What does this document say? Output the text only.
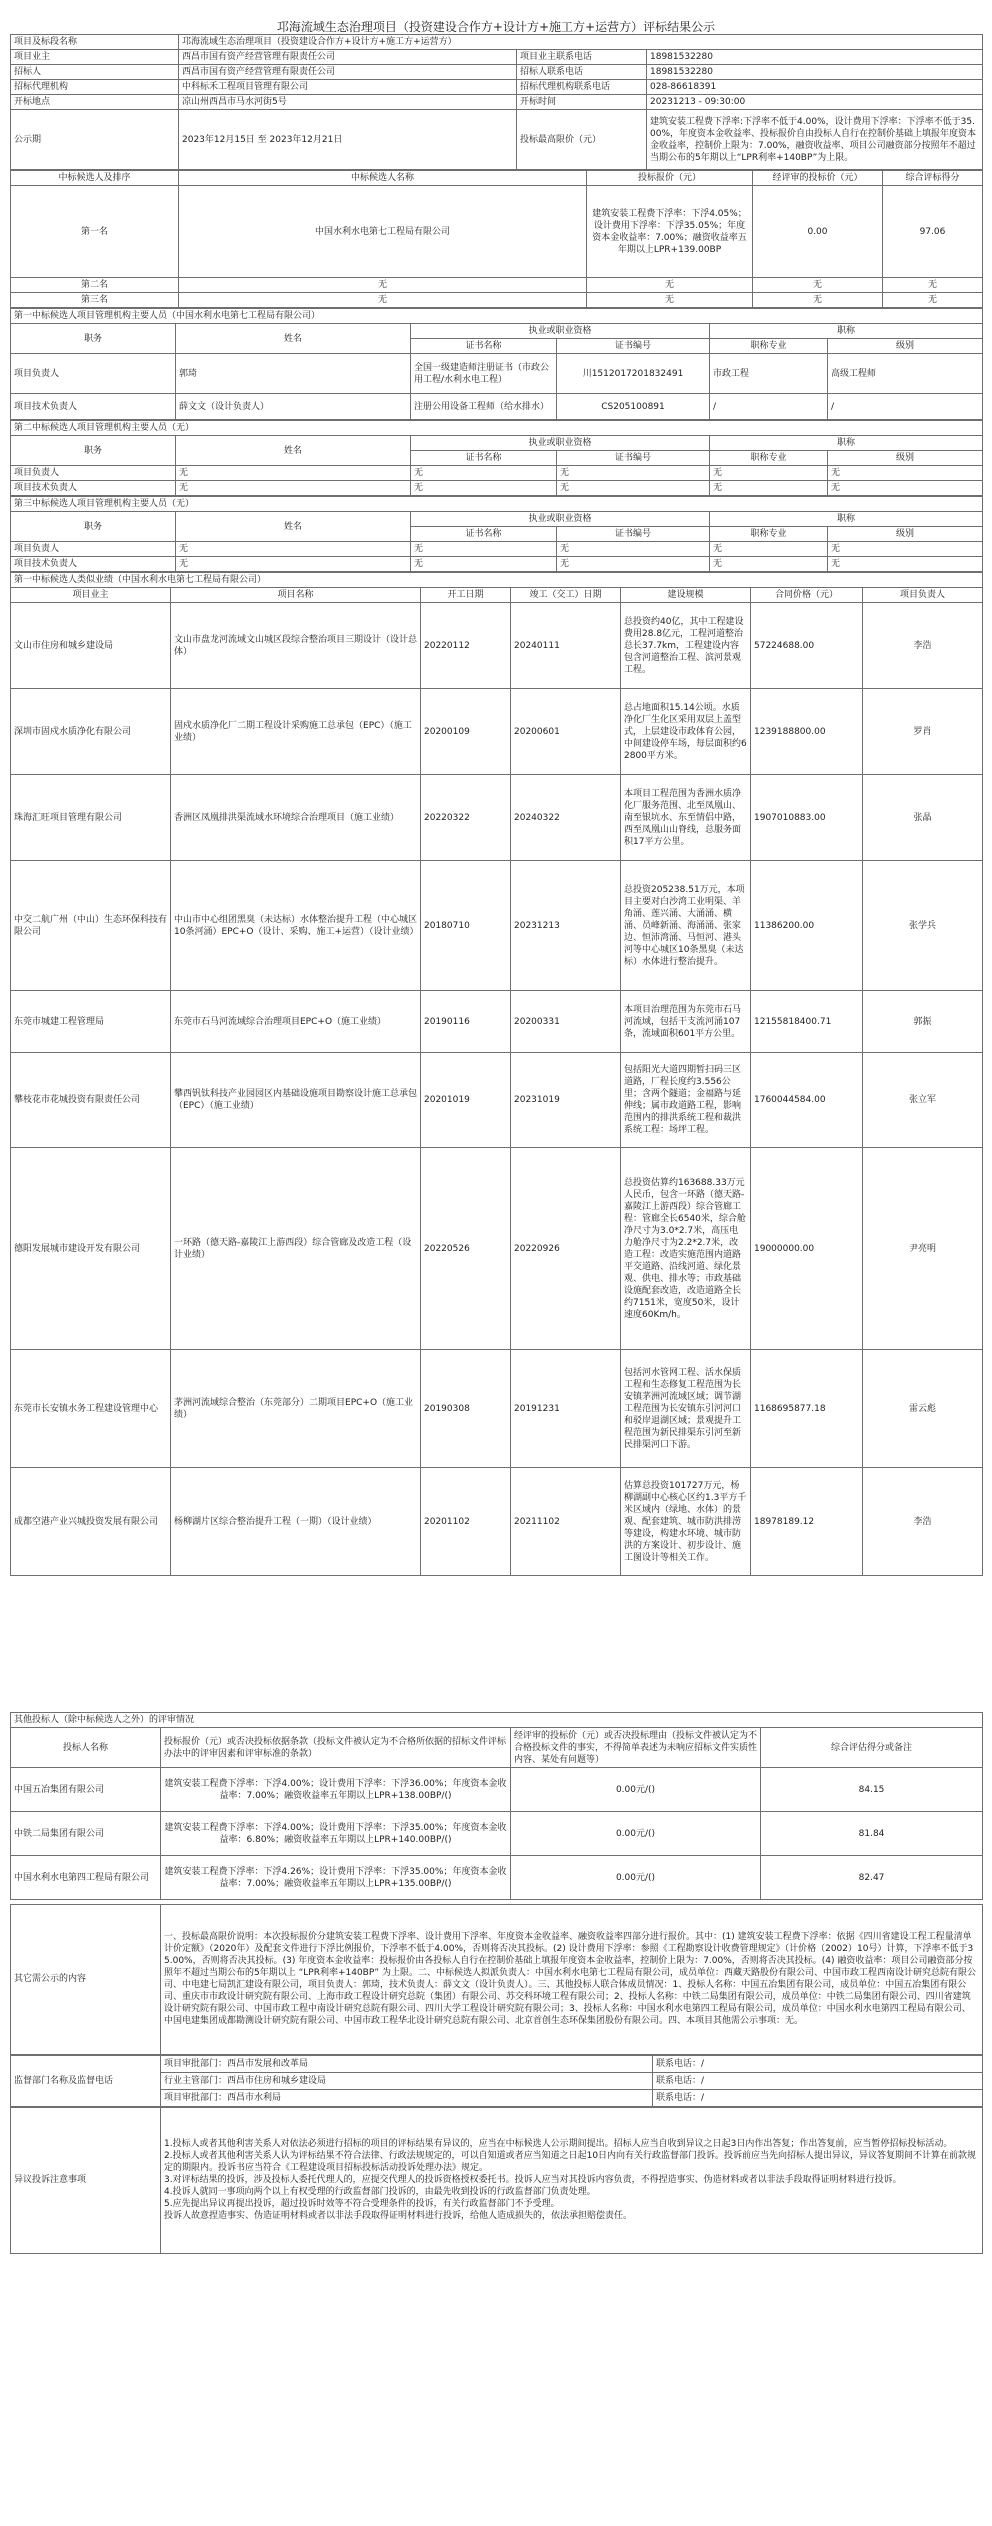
邛海流域生态治理项目（投资建设合作方+设计方+施工方+运营方）评标结果公示
项目及标段名称	邛海流域生态治理项目（投资建设合作方+设计方+施工方+运营方）		
项目业主	西昌市国有资产经营管理有限责任公司	项目业主联系电话	18981532280
招标人	西昌市国有资产经营管理有限责任公司	招标人联系电话	18981532280
招标代理机构	中科标禾工程项目管理有限公司	招标代理机构联系电话	028-86618391
开标地点	凉山州西昌市马水河街5号	开标时间	20231213 - 09:30:00
公示期	2023年12月15日 至 2023年12月21日	投标最高限价（元）	建筑安装工程费下浮率:下浮率不低于4.00%，设计费用下浮率：下浮率不低于35.00%，年度资本金收益率、投标报价自由投标人自行在控制价基础上填报年度资本金收益率，控制价上限为：7.00%，融资收益率、项目公司融资部分按照年不超过当期公布的5年期以上“LPR利率+140BP”为上限。
中标候选人及排序	中标候选人名称	投标报价（元）	经评审的投标价（元）	综合评标得分
第一名	中国水利水电第七工程局有限公司	建筑安装工程费下浮率：下浮4.05%；设计费用下浮率：下浮35.05%；年度资本金收益率：7.00%；融资收益率五年期以上LPR+139.00BP	0.00	97.06
第二名	无	无	无	无
第三名	无	无	无	无
第一中标候选人项目管理机构主要人员（中国水利水电第七工程局有限公司）					
职务	姓名	执业或职业资格		职称	
		证书名称	证书编号	职称专业	级别
项目负责人	郭琦	全国一级建造师注册证书（市政公用工程/水利水电工程）	川1512017201832491	市政工程	高级工程师
项目技术负责人	薛文文（设计负责人）	注册公用设备工程师（给水排水）	CS205100891	/	/
第二中标候选人项目管理机构主要人员（无）					
职务	姓名	执业或职业资格		职称	
		证书名称	证书编号	职称专业	级别
项目负责人	无	无	无	无	无
项目技术负责人	无	无	无	无	无
第三中标候选人项目管理机构主要人员（无）					
职务	姓名	执业或职业资格		职称	
		证书名称	证书编号	职称专业	级别
项目负责人	无	无	无	无	无
项目技术负责人	无	无	无	无	无
第一中标候选人类似业绩（中国水利水电第七工程局有限公司）						
项目业主	项目名称	开工日期	竣工（交工）日期	建设规模	合同价格（元）	项目负责人
文山市住房和城乡建设局	文山市盘龙河流域文山城区段综合整治项目三期设计（设计总体）	20220112	20240111	总投资约40亿，其中工程建设费用28.8亿元，工程河道整治总长37.7km，工程建设内容包含河道整治工程、滨河景观工程。	57224688.00	李浩
深圳市固戍水质净化有限公司	固戍水质净化厂二期工程设计采购施工总承包（EPC）（施工业绩）	20200109	20200601	总占地面积15.14公顷。水质净化厂生化区采用双层上盖型式，上层建设市政体育公园，中间建设停车场，每层面积约62800平方米。	1239188800.00	罗肖
珠海汇旺项目管理有限公司	香洲区凤凰排洪渠流域水环境综合治理项目（施工业绩）	20220322	20240322	本项目工程范围为香洲水质净化厂服务范围、北至凤凰山、南至银坑水、东至情侣中路，西至凤凰山山脊线，总服务面积17平方公里。	1907010883.00	张晶
中交二航广州（中山）生态环保科技有限公司	中山市中心组团黑臭（未达标）水体整治提升工程（中心城区10条河涌）EPC+O（设计、采购、施工+运营）（设计业绩）	20180710	20231213	总投资205238.51万元，本项目主要对白沙湾工业明渠、羊角涌、莲兴涌、大涌涌、横涌、员峰新涌、海涌涌、张家边、恒沛湾涌、马恒河、港头河等中心城区10条黑臭（未达标）水体进行整治提升。	11386200.00	张学兵
东莞市城建工程管理局	东莞市石马河流域综合治理项目EPC+O（施工业绩）	20190116	20200331	本项目治理范围为东莞市石马河流域，包括干支流河涌107条，流域面积601平方公里。	12155818400.71	郭振
攀枝花市花城投资有限责任公司	攀西钒钛科技产业园园区内基础设施项目勘察设计施工总承包（EPC）（施工业绩）	20201019	20231019	包括阳光大道四期暂扫码三区道路，厂程长度约3.556公里；含两个隧道；金福路与延伸线；属市政道路工程，影响范围内的排洪系统工程和裁洪系统工程：场坪工程。	1760044584.00	张立军
德阳发展城市建设开发有限公司	一环路（德天路-嘉陵江上游西段）综合管廊及改造工程（设计业绩）	20220526	20220926	总投资估算约163688.33万元人民币，包含一环路（德天路-嘉陵江上游西段）综合管廊工程：管廊全长6540米，综合舱净尺寸为3.0*2.7米，高压电力舱净尺寸为2.2*2.7米，改造工程：改造实施范围内道路平交道路、沿线河道、绿化景观、供电、排水等；市政基础设施配套改造，改造道路全长约7151米，宽度50米，设计速度60Km/h。	19000000.00	尹亮明
东莞市长安镇水务工程建设管理中心	茅洲河流域综合整治（东莞部分）二期项目EPC+O（施工业绩）	20190308	20191231	包括河水管网工程、活水保质工程和生态修复工程范围为长安镇茅洲河流域区域；调节湖工程范围为长安镇东引河河口和驳岸退湖区域；景观提升工程范围为新民排渠东引河至新民排渠河口下游。	1168695877.18	雷云彪
成都空港产业兴城投资发展有限公司	杨柳湖片区综合整治提升工程（一期）（设计业绩）	20201102	20211102	估算总投资101727万元，杨柳湖副中心核心区约1.3平方千米区域内（绿地、水体）的景观、配套建筑、城市防洪排涝等建设，构建水环境、城市防洪的方案设计、初步设计、施工图设计等相关工作。	18978189.12	李浩
其他投标人（除中标候选人之外）的评审情况			
投标人名称	投标报价（元）或否决投标依据条款（投标文件被认定为不合格所依据的招标文件评标办法中的评审因素和评审标准的条款）	经评审的投标价（元）或否决投标理由（投标文件被认定为不合格投标文件的事实，不得简单表述为未响应招标文件实质性内容、某处有问题等）	综合评估得分或备注
中国五冶集团有限公司	建筑安装工程费下浮率：下浮4.00%；设计费用下浮率：下浮36.00%；年度资本金收益率：7.00%；融资收益率五年期以上LPR+138.00BP/()	0.00元/()	84.15
中铁二局集团有限公司	建筑安装工程费下浮率：下浮4.00%；设计费用下浮率：下浮35.00%；年度资本金收益率：6.80%；融资收益率五年期以上LPR+140.00BP/()	0.00元/()	81.84
中国水利水电第四工程局有限公司	建筑安装工程费下浮率：下浮4.26%；设计费用下浮率：下浮35.00%；年度资本金收益率：7.00%；融资收益率五年期以上LPR+135.00BP/()	0.00元/()	82.47

其它需公示的内容	一、投标最高限价说明：本次投标报价分建筑安装工程费下浮率、设计费用下浮率、年度资本金收益率、融资收益率四部分进行报价。其中：(1) 建筑安装工程费下浮率：依据《四川省建设工程工程量清单计价定额》（2020年）及配套文件进行下浮比例报价，下浮率不低于4.00%，否则将否决其投标。(2) 设计费用下浮率：参照《工程勘察设计收费管理规定》（计价格（2002）10号）计算，下浮率不低于35.00%，否则将否决其投标。(3) 年度资本金收益率：投标报价由各投标人自行在控制价基础上填报年度资本金收益率，控制价上限为：7.00%，否则将否决其投标。(4) 融资收益率：项目公司融资部分按照年不超过当期公布的5年期以上 “LPR利率+140BP” 为上限。二、中标候选人拟派负责人：中国水利水电第七工程局有限公司，成员单位：西藏天路股份有限公司、中国市政工程西南设计研究总院有限公司、中电建七局凯汇建设有限公司，项目负责人：郭琦，技术负责人：薛文文（设计负责人）。三、其他投标人联合体成员情况：1、投标人名称：中国五冶集团有限公司，成员单位：中国五冶集团有限公司、重庆市市政设计研究院有限公司、上海市政工程设计研究总院（集团）有限公司、苏交科环境工程有限公司；2、投标人名称：中铁二局集团有限公司，成员单位：中铁二局集团有限公司、四川省建筑设计研究院有限公司、中国市政工程中南设计研究总院有限公司、四川大学工程设计研究院有限公司；3、投标人名称：中国水利水电第四工程局有限公司，成员单位：中国水利水电第四工程局有限公司、中国电建集团成都勘测设计研究院有限公司、中国市政工程华北设计研究总院有限公司、北京首创生态环保集团股份有限公司。四、本项目其他需公示事项：无。
监督部门名称及监督电话	项目审批部门：西昌市发展和改革局	联系电话：/
	行业主管部门：西昌市住房和城乡建设局	联系电话：/
	项目审批部门：西昌市水利局	联系电话：/
异议投诉注意事项	
1.投标人或者其他利害关系人对依法必须进行招标的项目的评标结果有异议的，应当在中标候选人公示期间提出。招标人应当自收到异议之日起3日内作出答复；作出答复前，应当暂停招标投标活动。
2.投标人或者其他利害关系人认为评标结果不符合法律、行政法规规定的，可以自知道或者应当知道之日起10日内向有关行政监督部门投诉。投诉前应当先向招标人提出异议，异议答复期间不计算在前款规定的期限内。投诉书应当符合《工程建设项目招标投标活动投诉处理办法》规定。
3.对评标结果的投诉，涉及投标人委托代理人的，应提交代理人的投诉资格授权委托书。投诉人应当对其投诉内容负责，不得捏造事实、伪造材料或者以非法手段取得证明材料进行投诉。
4.投诉人就同一事项向两个以上有权受理的行政监督部门投诉的，由最先收到投诉的行政监督部门负责处理。
5.应先提出异议再提出投诉，超过投诉时效等不符合受理条件的投诉，有关行政监督部门不予受理。
投诉人故意捏造事实、伪造证明材料或者以非法手段取得证明材料进行投诉，给他人造成损失的，依法承担赔偿责任。
